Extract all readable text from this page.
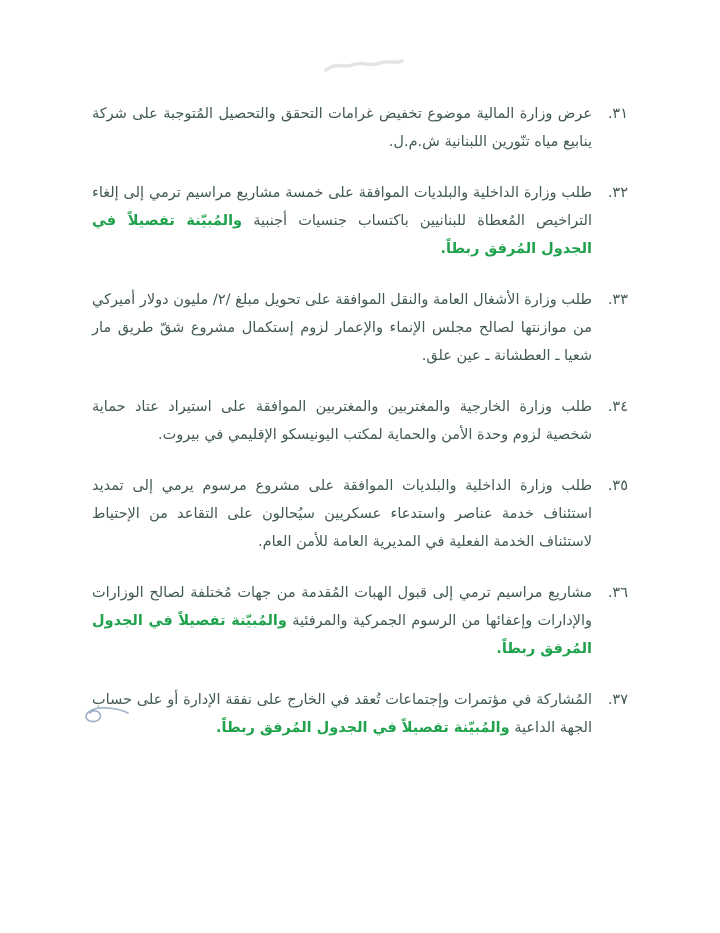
٣١.
عرض وزارة المالية موضوع تخفيض غرامات التحقق والتحصيل المُتوجبة على شركة ينابيع مياه تنّورين اللبنانية ش.م.ل.
٣٢.
طلب وزارة الداخلية والبلديات الموافقة على خمسة مشاريع مراسيم ترمي إلى إلغاء التراخيص المُعطاة للبنانيين باكتساب جنسيات أجنبية والمُبيّنة تفصيلاً في الجدول المُرفق ربطاً.
٣٣.
طلب وزارة الأشغال العامة والنقل الموافقة على تحويل مبلغ /٢/ مليون دولار أميركي من موازنتها لصالح مجلس الإنماء والإعمار لزوم إستكمال مشروع شقّ طريق مار شعيا ـ العطشانة ـ عين علق.
٣٤.
طلب وزارة الخارجية والمغتربين والمغتربين الموافقة على استيراد عتاد حماية شخصية لزوم وحدة الأمن والحماية لمكتب اليونيسكو الإقليمي في بيروت.
٣٥.
طلب وزارة الداخلية والبلديات الموافقة على مشروع مرسوم يرمي إلى تمديد استئناف خدمة عناصر واستدعاء عسكريين سيُحالون على التقاعد من الإحتياط لاستئناف الخدمة الفعلية في المديرية العامة للأمن العام.
٣٦.
مشاريع مراسيم ترمي إلى قبول الهبات المُقدمة من جهات مُختلفة لصالح الوزارات والإدارات وإعفائها من الرسوم الجمركية والمرفئية والمُبيّنة تفصيلاً في الجدول المُرفق ربطاً.
٣٧.
المُشاركة في مؤتمرات وإجتماعات تُعقد في الخارج على نفقة الإدارة أو على حساب الجهة الداعية والمُبيّنة تفصيلاً في الجدول المُرفق ربطاً.
